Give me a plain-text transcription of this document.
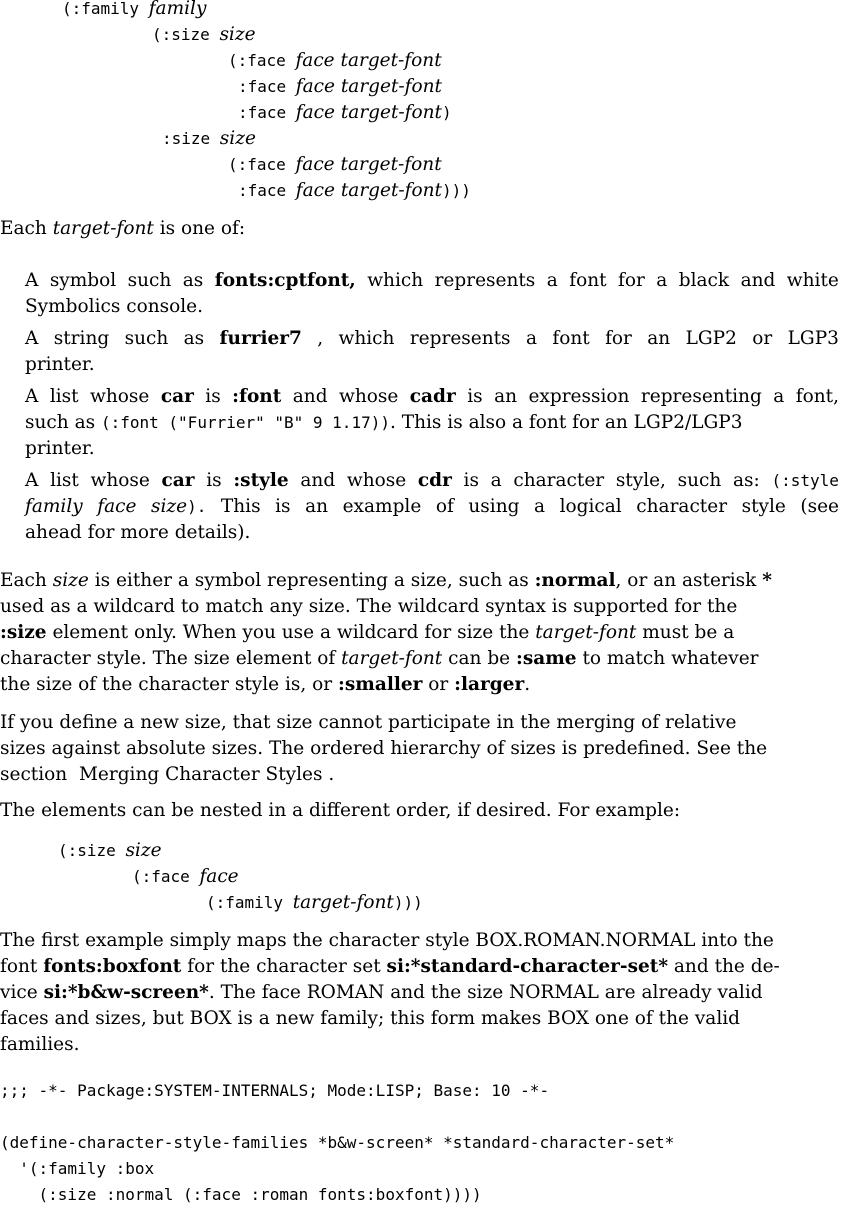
(:family family
(:size size
(:face face target-font
:face face target-font
:face face target-font)
:size size
(:face face target-font
:face face target-font)))
Each target-font is one of:
A symbol such as fonts:cptfont, which represents a font for a black and white
Symbolics console.
A string such as furrier7 , which represents a font for an LGP2 or LGP3
printer.
A list whose car is :font and whose cadr is an expression representing a font,
such as (:font ("Furrier" "B" 9 1.17)). This is also a font for an LGP2/LGP3
printer.
A list whose car is :style and whose cdr is a character style, such as: (:style
family face size). This is an example of using a logical character style (see
ahead for more details).
Each size is either a symbol representing a size, such as :normal, or an asterisk *
used as a wildcard to match any size. The wildcard syntax is supported for the
:size element only. When you use a wildcard for size the target-font must be a
character style. The size element of target-font can be :same to match whatever
the size of the character style is, or :smaller or :larger.
If you define a new size, that size cannot participate in the merging of relative
sizes against absolute sizes. The ordered hierarchy of sizes is predefined. See the
section  Merging Character Styles .
The elements can be nested in a different order, if desired. For example:
(:size size
(:face face
(:family target-font)))
The first example simply maps the character style BOX.ROMAN.NORMAL into the
font fonts:boxfont for the character set si:*standard-character-set* and the de-
vice si:*b&w-screen*. The face ROMAN and the size NORMAL are already valid
faces and sizes, but BOX is a new family; this form makes BOX one of the valid
families.
;;; -*- Package:SYSTEM-INTERNALS; Mode:LISP; Base: 10 -*-
(define-character-style-families *b&w-screen* *standard-character-set*
'(:family :box
(:size :normal (:face :roman fonts:boxfont))))
